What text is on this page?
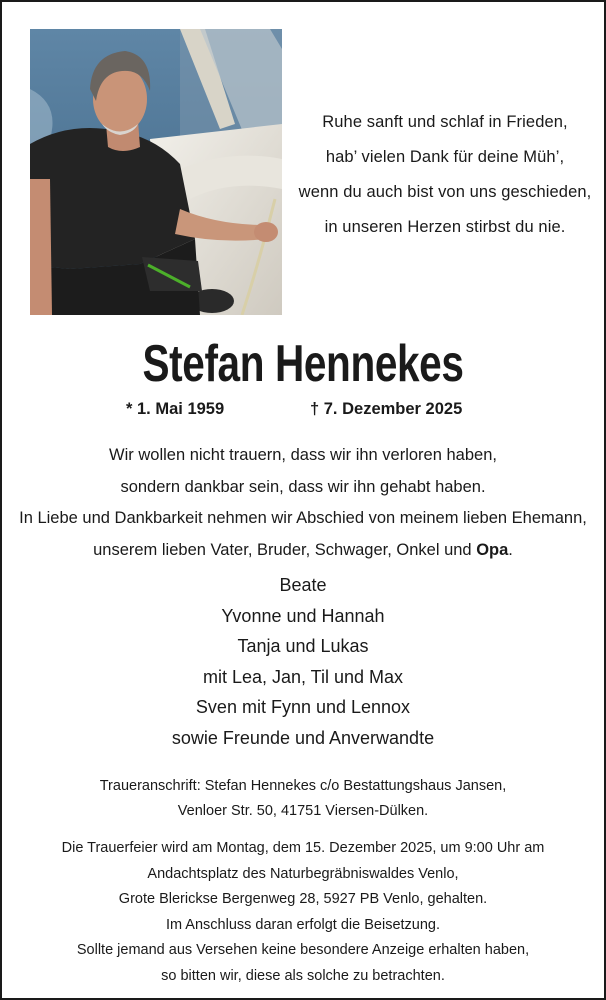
Ruhe sanft und schlaf in Frieden,
hab’ vielen Dank für deine Müh’,
wenn du auch bist von uns geschieden,
in unseren Herzen stirbst du nie.
Stefan Hennekes
* 1. Mai 1959	† 7. Dezember 2025
Wir wollen nicht trauern, dass wir ihn verloren haben,
sondern dankbar sein, dass wir ihn gehabt haben.
In Liebe und Dankbarkeit nehmen wir Abschied von meinem lieben Ehemann,
unserem lieben Vater, Bruder, Schwager, Onkel und Opa.
Beate
Yvonne und Hannah
Tanja und Lukas
mit Lea, Jan, Til und Max
Sven mit Fynn und Lennox
sowie Freunde und Anverwandte
Traueranschrift: Stefan Hennekes c/o Bestattungshaus Jansen,
Venloer Str. 50, 41751 Viersen-Dülken.
Die Trauerfeier wird am Montag, dem 15. Dezember 2025, um 9:00 Uhr am
Andachtsplatz des Naturbegräbniswaldes Venlo,
Grote Blerickse Bergenweg 28, 5927 PB Venlo, gehalten.
Im Anschluss daran erfolgt die Beisetzung.
Sollte jemand aus Versehen keine besondere Anzeige erhalten haben,
so bitten wir, diese als solche zu betrachten.
